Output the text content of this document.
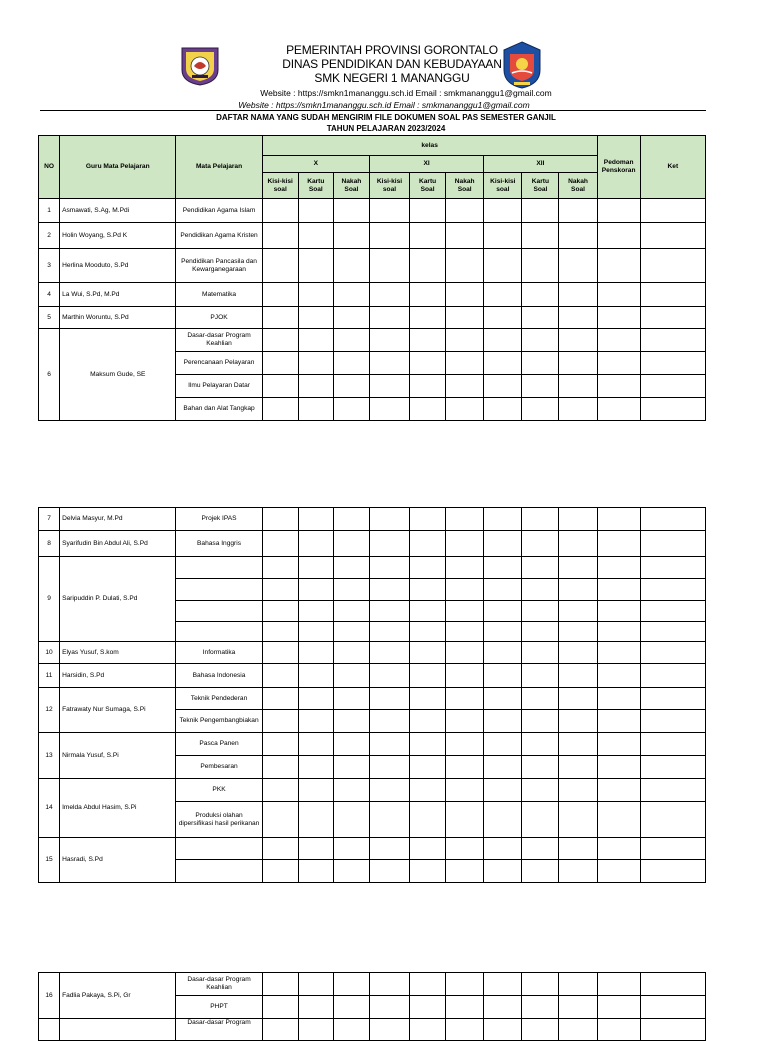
PEMERINTAH PROVINSI GORONTALO
DINAS PENDIDIKAN DAN KEBUDAYAAN
SMK NEGERI 1 MANANGGU
Website : https://smkn1mananggu.sch.id Email : smkmananggu1@gmail.com
Website : https://smkn1mananggu.sch.id Email : smkmananggu1@gmail.com
DAFTAR NAMA YANG SUDAH MENGIRIM FILE DOKUMEN SOAL PAS SEMESTER GANJIL
TAHUN PELAJARAN 2023/2024
NO	Guru Mata Pelajaran	Mata Pelajaran	kelas									Pedoman Penskoran	Ket
			X			XI			XII				
			Kisi-kisi soal	Kartu Soal	Nakah Soal	Kisi-kisi soal	Kartu Soal	Nakah Soal	Kisi-kisi soal	Kartu Soal	Nakah Soal		
1	Asmawati, S.Ag, M.Pdi	Pendidikan Agama Islam											
2	Holin Woyang, S.Pd K	Pendidikan Agama Kristen											
3	Herlina Mooduto, S.Pd	Pendidikan Pancasila dan Kewarganegaraan											
4	La Wui, S.Pd, M.Pd	Matematika											
5	Marthin Woruntu, S.Pd	PJOK											
6	Maksum Gude, SE	Dasar-dasar Program Keahlian											
		Perencanaan Pelayaran											
		Ilmu Pelayaran Datar											
		Bahan dan Alat Tangkap											
7	Delvia Masyur, M.Pd	Projek IPAS											
8	Syarifudin Bin Abdul Ali, S.Pd	Bahasa Inggris											
9	Saripuddin P. Dulati, S.Pd												

10	Elyas Yusuf, S.kom	Informatika											
11	Harsidin, S.Pd	Bahasa Indonesia											
12	Fatrawaty Nur Sumaga, S.Pi	Teknik Pendederan											
		Teknik Pengembangbiakan											
13	Nirmala Yusuf, S.Pi	Pasca Panen											
		Pembesaran											
14	Imelda Abdul Hasim, S.Pi	PKK											
		Produksi olahan dipersifikasi hasil perikanan											
15	Hasradi, S.Pd												

16	Fadlia Pakaya, S.Pi, Gr	Dasar-dasar Program Keahlian											
		PHPT											
		Dasar-dasar Program											
